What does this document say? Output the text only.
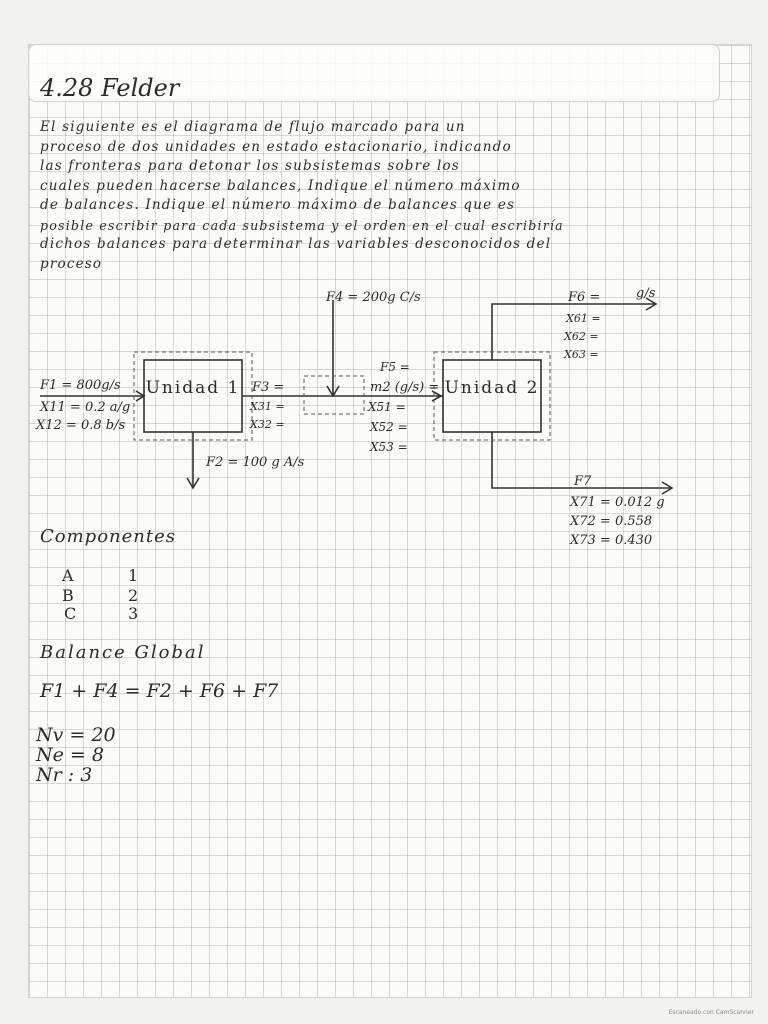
4.28 Felder
El siguiente es el diagrama de flujo marcado para un
proceso de dos unidades en estado estacionario, indicando
las fronteras para detonar los subsistemas sobre los
cuales pueden hacerse balances, Indique el número máximo
de balances. Indique el número máximo de balances que es
posible escribir para cada subsistema y el orden en el cual escribiría
dichos balances para determinar las variables desconocidos del
proceso
Unidad 1	Unidad 2
F1 = 800g/s
X11 = 0.2 a/g
X12 = 0.8 b/s
F2 = 100 g A/s
F3 =
X31 =
X32 =
F4 = 200g C/s
F5 =
m2 (g/s) =
X51 =
X52 =
X53 =
F6 =	g/s
X61 =
X62 =
X63 =
F7
X71 = 0.012 g
X72 = 0.558
X73 = 0.430
Componentes
A	1
B	2
C	3
Balance Global
F1 + F4 = F2 + F6 + F7
Nv = 20
Ne = 8
Nr : 3
Escaneado con CamScanner
